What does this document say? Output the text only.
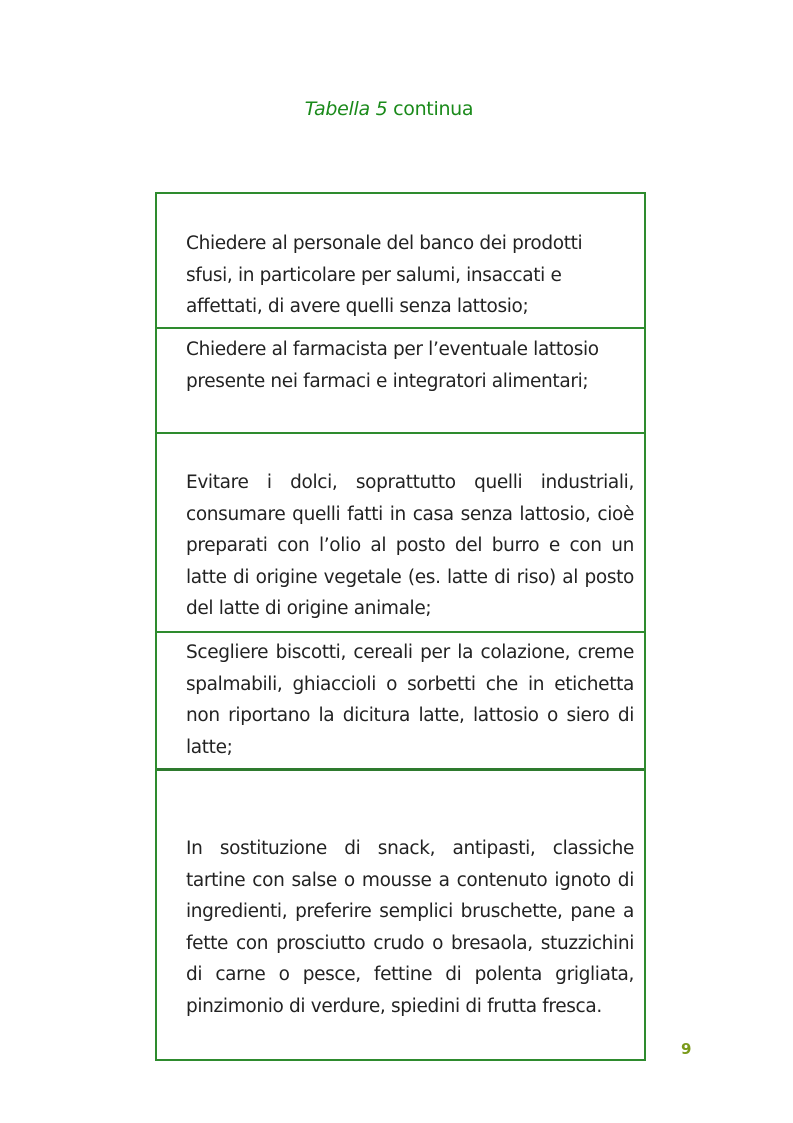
Tabella 5 continua
Chiedere al personale del banco dei prodotti sfusi, in particolare per salumi, insaccati e affettati, di avere quelli senza lattosio;
Chiedere al farmacista per l’eventuale lattosio presente nei farmaci e integratori alimentari;
Evitare i dolci, soprattutto quelli industriali, consumare quelli fatti in casa senza lattosio, cioè preparati con l’olio al posto del burro e con un latte di origine vegetale (es. latte di riso) al posto del latte di origine animale;
Scegliere biscotti, cereali per la colazione, creme spalmabili, ghiaccioli o sorbetti che in etichetta non riportano la dicitura latte, lattosio o siero di latte;
In sostituzione di snack, antipasti, classiche tartine con salse o mousse a contenuto ignoto di ingredienti, preferire semplici bruschette, pane a fette con prosciutto crudo o bresaola, stuzzichini di carne o pesce, fettine di polenta grigliata, pinzimonio di verdure, spiedini di frutta fresca.
9
